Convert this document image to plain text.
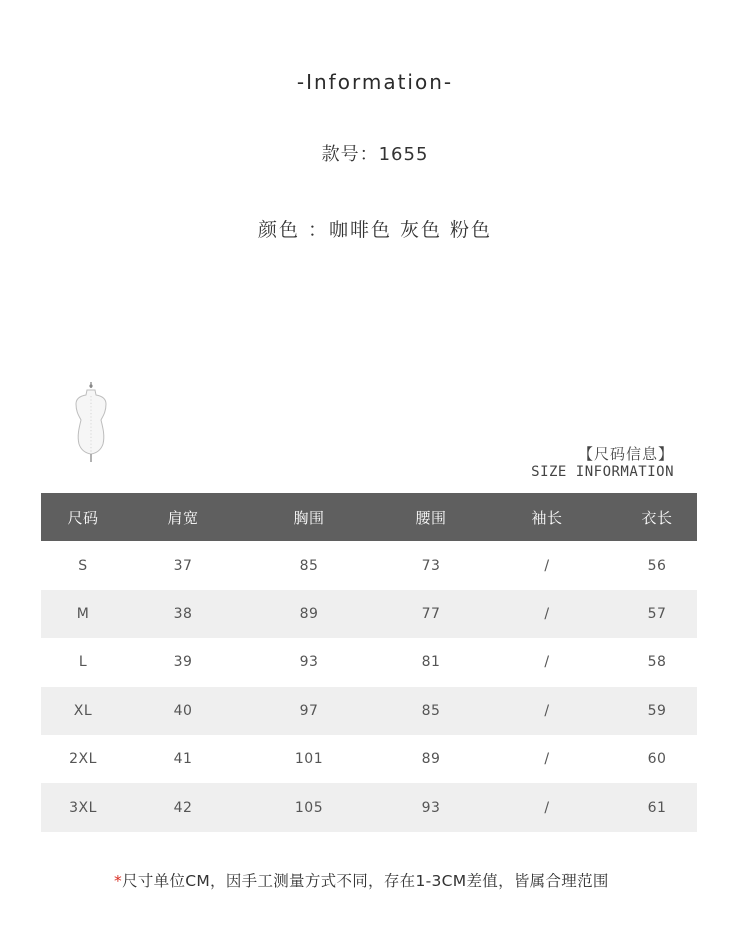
-Information-
款号：1655
颜色 ：咖啡色 灰色 粉色
【尺码信息】
SIZE INFORMATION
尺码	肩宽	胸围	腰围	袖长	衣长
S	37	85	73	/	56
M	38	89	77	/	57
L	39	93	81	/	58
XL	40	97	85	/	59
2XL	41	101	89	/	60
3XL	42	105	93	/	61
*尺寸单位CM，因手工测量方式不同，存在1-3CM差值，皆属合理范围
